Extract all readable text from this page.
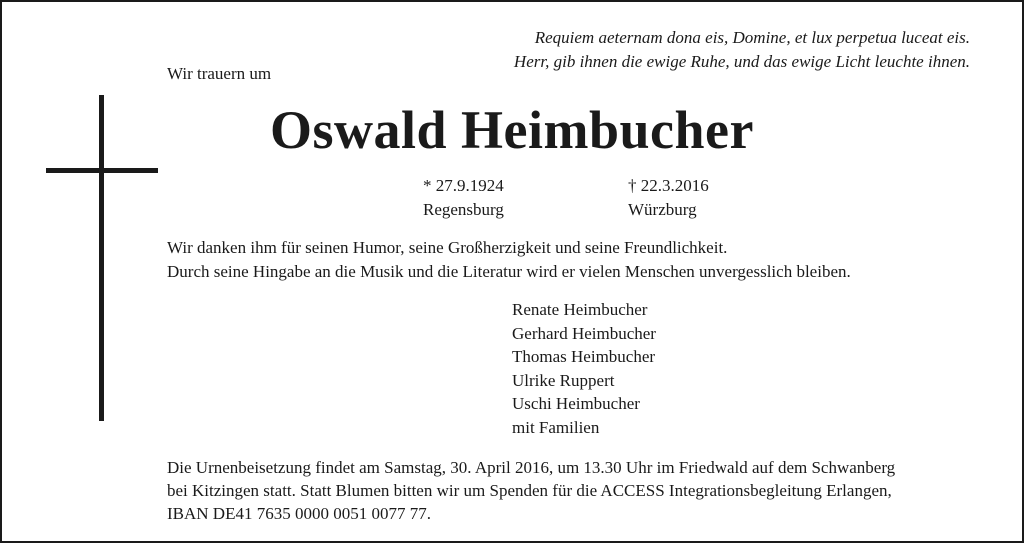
Requiem aeternam dona eis, Domine, et lux perpetua luceat eis.
Herr, gib ihnen die ewige Ruhe, und das ewige Licht leuchte ihnen.
Wir trauern um
Oswald Heimbucher
* 27.9.1924
Regensburg
† 22.3.2016
Würzburg
Wir danken ihm für seinen Humor, seine Großherzigkeit und seine Freundlichkeit.
Durch seine Hingabe an die Musik und die Literatur wird er vielen Menschen unvergesslich bleiben.
Renate Heimbucher
Gerhard Heimbucher
Thomas Heimbucher
Ulrike Ruppert
Uschi Heimbucher
mit Familien
Die Urnenbeisetzung findet am Samstag, 30. April 2016, um 13.30 Uhr im Friedwald auf dem Schwanberg
bei Kitzingen statt. Statt Blumen bitten wir um Spenden für die ACCESS Integrationsbegleitung Erlangen,
IBAN DE41 7635 0000 0051 0077 77.
